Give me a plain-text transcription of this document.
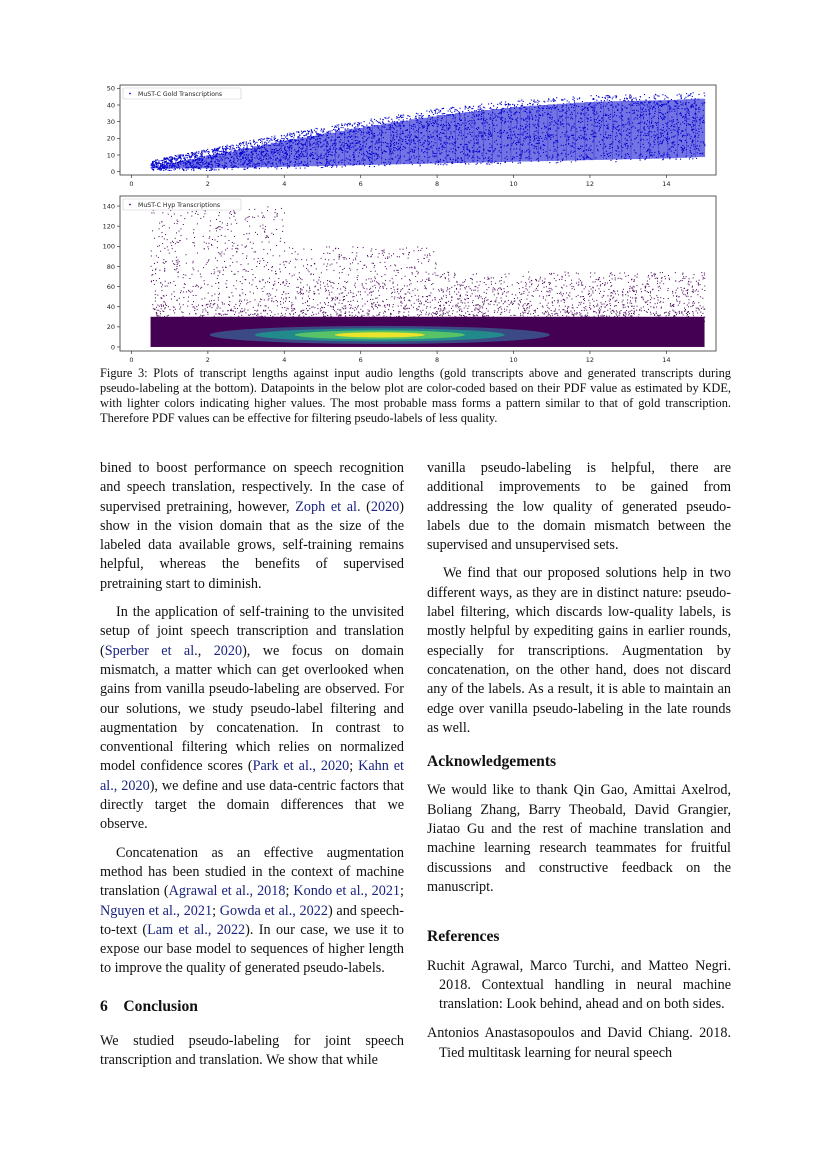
0	2	4	6	8	10	12	14
0
10
20
30
40
50
MuST-C Gold Transcriptions
0	2	4	6	8	10	12	14
0
20
40
60
80
100
120
140	MuST-C Hyp Transcriptions
Figure 3: Plots of transcript lengths against input audio lengths (gold transcripts above and generated transcripts during pseudo-labeling at the bottom). Datapoints in the below plot are color-coded based on their PDF value as estimated by KDE, with lighter colors indicating higher values. The most probable mass forms a pattern similar to that of gold transcription. Therefore PDF values can be effective for filtering pseudo-labels of less quality.

bined to boost performance on speech recognition and speech translation, respectively. In the case of supervised pretraining, however, Zoph et al. (2020) show in the vision domain that as the size of the labeled data available grows, self-training remains helpful, whereas the benefits of supervised pretraining start to diminish.

In the application of self-training to the unvisited setup of joint speech transcription and translation (Sperber et al., 2020), we focus on domain mismatch, a matter which can get overlooked when gains from vanilla pseudo-labeling are observed. For our solutions, we study pseudo-label filtering and augmentation by concatenation. In contrast to conventional filtering which relies on normalized model confidence scores (Park et al., 2020; Kahn et al., 2020), we define and use data-centric factors that directly target the domain differences that we observe.

Concatenation as an effective augmentation method has been studied in the context of machine translation (Agrawal et al., 2018; Kondo et al., 2021; Nguyen et al., 2021; Gowda et al., 2022) and speech-to-text (Lam et al., 2022). In our case, we use it to expose our base model to sequences of higher length to improve the quality of generated pseudo-labels.

6    Conclusion

We studied pseudo-labeling for joint speech transcription and translation. We show that while

vanilla pseudo-labeling is helpful, there are additional improvements to be gained from addressing the low quality of generated pseudo-labels due to the domain mismatch between the supervised and unsupervised sets.

We find that our proposed solutions help in two different ways, as they are in distinct nature: pseudo-label filtering, which discards low-quality labels, is mostly helpful by expediting gains in earlier rounds, especially for transcriptions. Augmentation by concatenation, on the other hand, does not discard any of the labels. As a result, it is able to maintain an edge over vanilla pseudo-labeling in the late rounds as well.

Acknowledgements

We would like to thank Qin Gao, Amittai Axelrod, Boliang Zhang, Barry Theobald, David Grangier, Jiatao Gu and the rest of machine translation and machine learning research teammates for fruitful discussions and constructive feedback on the manuscript.

References

Ruchit Agrawal, Marco Turchi, and Matteo Negri. 2018. Contextual handling in neural machine translation: Look behind, ahead and on both sides.

Antonios Anastasopoulos and David Chiang. 2018. Tied multitask learning for neural speech
